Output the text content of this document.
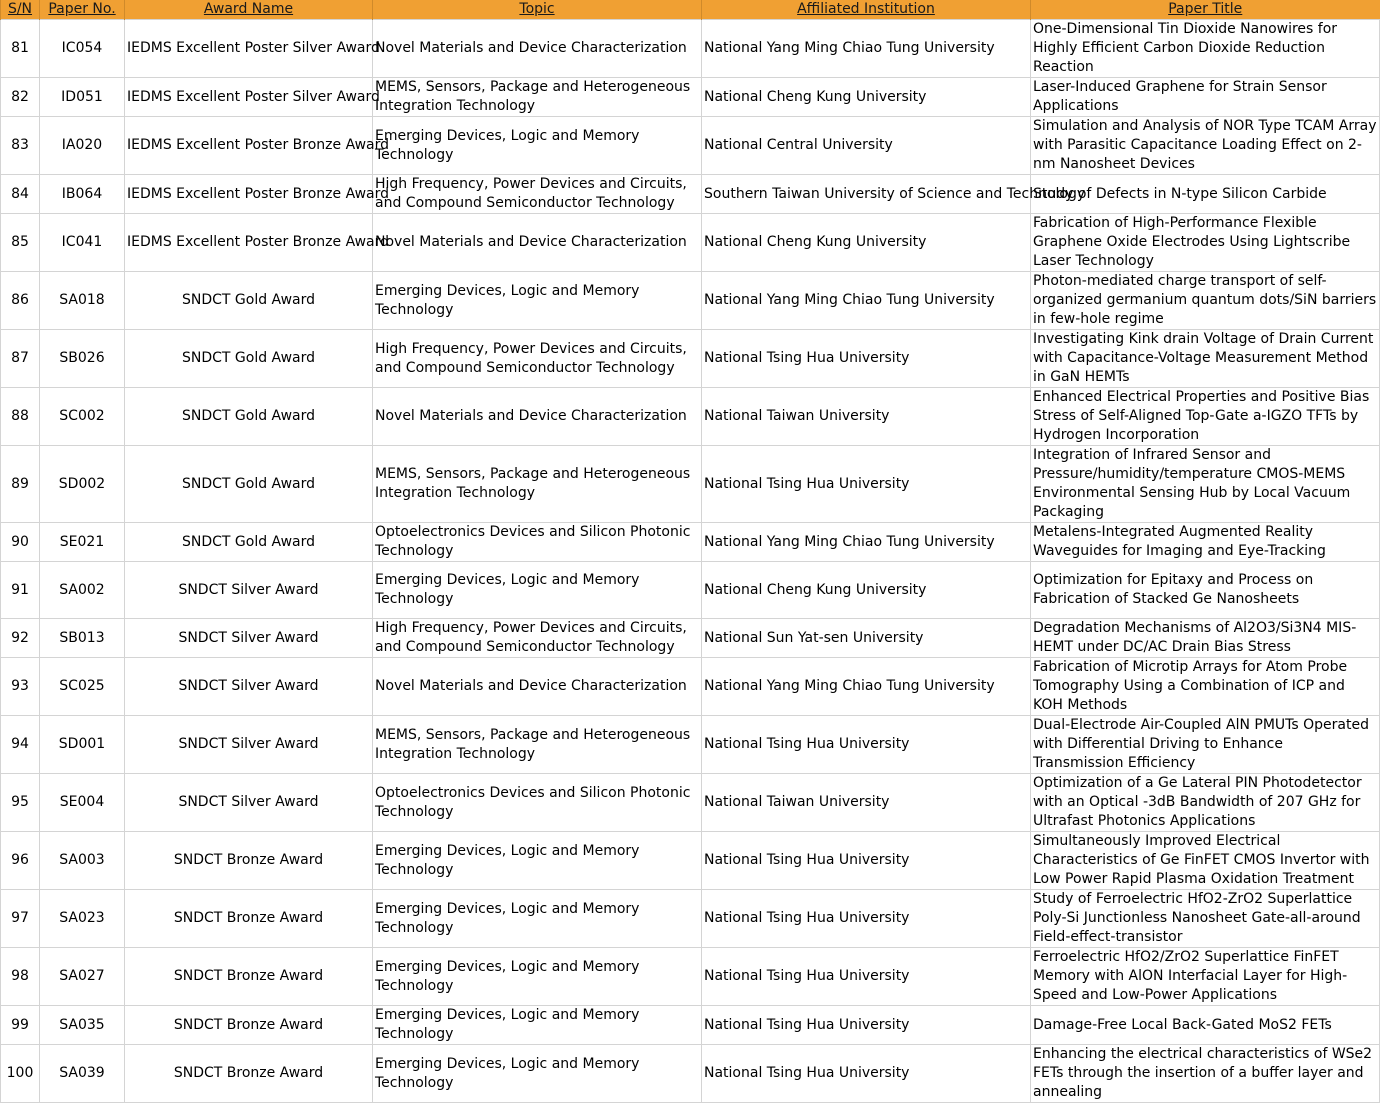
S/N	Paper No.	Award Name	Topic	Affiliated Institution	Paper Title
81	IC054	IEDMS Excellent Poster Silver Award	Novel Materials and Device Characterization	National Yang Ming Chiao Tung University	One-Dimensional Tin Dioxide Nanowires for Highly Efficient Carbon Dioxide Reduction Reaction
82	ID051	IEDMS Excellent Poster Silver Award	MEMS, Sensors, Package and Heterogeneous Integration Technology	National Cheng Kung University	Laser-Induced Graphene for Strain Sensor Applications
83	IA020	IEDMS Excellent Poster Bronze Award	Emerging Devices, Logic and Memory Technology	National Central University	Simulation and Analysis of NOR Type TCAM Array with Parasitic Capacitance Loading Effect on 2-nm Nanosheet Devices
84	IB064	IEDMS Excellent Poster Bronze Award	High Frequency, Power Devices and Circuits, and Compound Semiconductor Technology	Southern Taiwan University of Science and Technology	Study of Defects in N-type Silicon Carbide
85	IC041	IEDMS Excellent Poster Bronze Award	Novel Materials and Device Characterization	National Cheng Kung University	Fabrication of High-Performance Flexible Graphene Oxide Electrodes Using Lightscribe Laser Technology
86	SA018	SNDCT Gold Award	Emerging Devices, Logic and Memory Technology	National Yang Ming Chiao Tung University	Photon-mediated charge transport of self-organized germanium quantum dots/SiN barriers in few-hole regime
87	SB026	SNDCT Gold Award	High Frequency, Power Devices and Circuits, and Compound Semiconductor Technology	National Tsing Hua University	Investigating Kink drain Voltage of Drain Current with Capacitance-Voltage Measurement Method in GaN HEMTs
88	SC002	SNDCT Gold Award	Novel Materials and Device Characterization	National Taiwan University	Enhanced Electrical Properties and Positive Bias Stress of Self-Aligned Top-Gate a-IGZO TFTs by Hydrogen Incorporation
89	SD002	SNDCT Gold Award	MEMS, Sensors, Package and Heterogeneous Integration Technology	National Tsing Hua University	Integration of Infrared Sensor and Pressure/humidity/temperature CMOS-MEMS Environmental Sensing Hub by Local Vacuum Packaging
90	SE021	SNDCT Gold Award	Optoelectronics Devices and Silicon Photonic Technology	National Yang Ming Chiao Tung University	Metalens-Integrated Augmented Reality Waveguides for Imaging and Eye-Tracking
91	SA002	SNDCT Silver Award	Emerging Devices, Logic and Memory Technology	National Cheng Kung University	Optimization for Epitaxy and Process on Fabrication of Stacked Ge Nanosheets
92	SB013	SNDCT Silver Award	High Frequency, Power Devices and Circuits, and Compound Semiconductor Technology	National Sun Yat-sen University	Degradation Mechanisms of Al2O3/Si3N4 MIS-HEMT under DC/AC Drain Bias Stress
93	SC025	SNDCT Silver Award	Novel Materials and Device Characterization	National Yang Ming Chiao Tung University	Fabrication of Microtip Arrays for Atom Probe Tomography Using a Combination of ICP and KOH Methods
94	SD001	SNDCT Silver Award	MEMS, Sensors, Package and Heterogeneous Integration Technology	National Tsing Hua University	Dual-Electrode Air-Coupled AlN PMUTs Operated with Differential Driving to Enhance Transmission Efficiency
95	SE004	SNDCT Silver Award	Optoelectronics Devices and Silicon Photonic Technology	National Taiwan University	Optimization of a Ge Lateral PIN Photodetector with an Optical -3dB Bandwidth of 207 GHz for Ultrafast Photonics Applications
96	SA003	SNDCT Bronze Award	Emerging Devices, Logic and Memory Technology	National Tsing Hua University	Simultaneously Improved Electrical Characteristics of Ge FinFET CMOS Invertor with Low Power Rapid Plasma Oxidation Treatment
97	SA023	SNDCT Bronze Award	Emerging Devices, Logic and Memory Technology	National Tsing Hua University	Study of Ferroelectric HfO2-ZrO2 Superlattice Poly-Si Junctionless Nanosheet Gate-all-around Field-effect-transistor
98	SA027	SNDCT Bronze Award	Emerging Devices, Logic and Memory Technology	National Tsing Hua University	Ferroelectric HfO2/ZrO2 Superlattice FinFET Memory with AlON Interfacial Layer for High-Speed and Low-Power Applications
99	SA035	SNDCT Bronze Award	Emerging Devices, Logic and Memory Technology	National Tsing Hua University	Damage-Free Local Back-Gated MoS2 FETs
100	SA039	SNDCT Bronze Award	Emerging Devices, Logic and Memory Technology	National Tsing Hua University	Enhancing the electrical characteristics of WSe2 FETs through the insertion of a buffer layer and annealing
